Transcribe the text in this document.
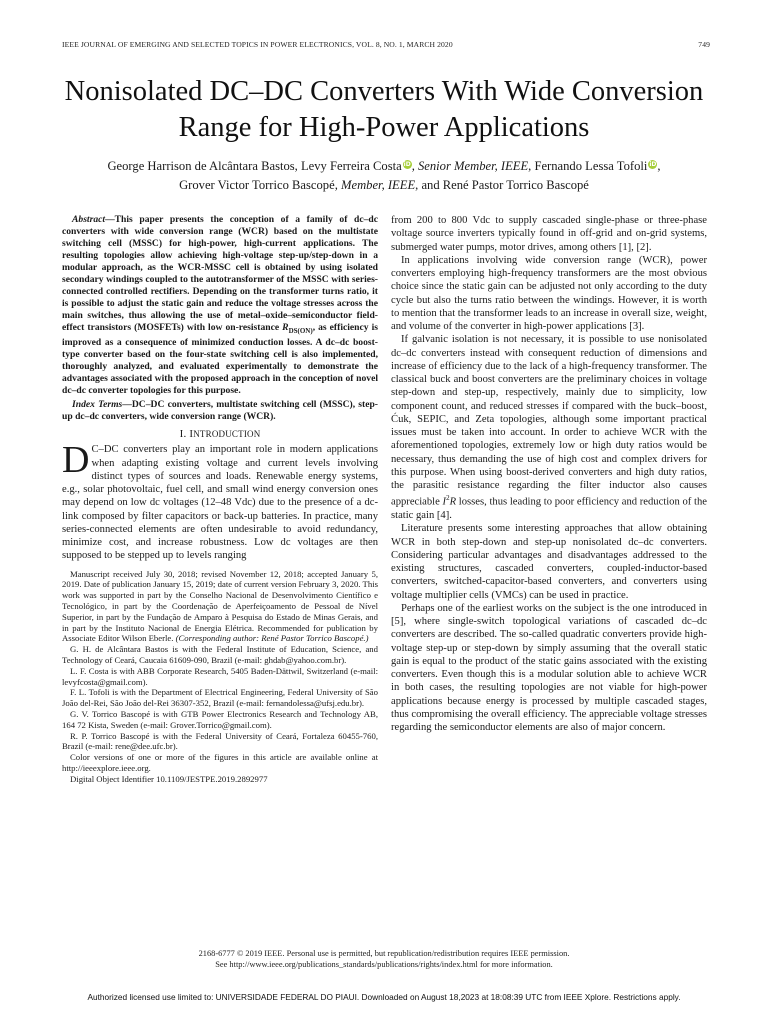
IEEE JOURNAL OF EMERGING AND SELECTED TOPICS IN POWER ELECTRONICS, VOL. 8, NO. 1, MARCH 2020	749
Nonisolated DC–DC Converters With Wide Conversion Range for High-Power Applications
George Harrison de Alcântara Bastos, Levy Ferreira Costa iD, Senior Member, IEEE, Fernando Lessa Tofoli iD,
Grover Victor Torrico Bascopé, Member, IEEE, and René Pastor Torrico Bascopé

Abstract—This paper presents the conception of a family of dc–dc converters with wide conversion range (WCR) based on the multistate switching cell (MSSC) for high-power, high-current applications. The resulting topologies allow achieving high-voltage step-up/step-down in a modular approach, as the WCR-MSSC cell is obtained by using isolated secondary windings coupled to the autotransformer of the MSSC with series-connected controlled rectifiers. Depending on the transformer turns ratio, it is possible to adjust the static gain and reduce the voltage stresses across the main switches, thus allowing the use of metal–oxide–semiconductor field-effect transistors (MOSFETs) with low on-resistance $R_{DS(ON)}$, as efficiency is improved as a consequence of minimized conduction losses. A dc–dc boost-type converter based on the four-state switching cell is also implemented, thoroughly analyzed, and evaluated experimentally to demonstrate the advantages associated with the proposed approach in the conception of novel dc–dc converter topologies for this purpose.

Index Terms—DC–DC converters, multistate switching cell (MSSC), step-up dc–dc converters, wide conversion range (WCR).

I. INTRODUCTION

D C–DC converters play an important role in modern applications when adapting existing voltage and current levels involving distinct types of sources and loads. Renewable energy systems, e.g., solar photovoltaic, fuel cell, and small wind energy conversion ones may depend on low dc voltages (12–48 Vdc) due to the presence of a dc-link composed by filter capacitors or back-up batteries. In practice, many series-connected elements are often undesirable to avoid redundancy, minimize cost, and increase robustness. Low dc voltages are then supposed to be stepped up to levels ranging

Manuscript received July 30, 2018; revised November 12, 2018; accepted January 5, 2019. Date of publication January 15, 2019; date of current version February 3, 2020. This work was supported in part by the Conselho Nacional de Desenvolvimento Científico e Tecnológico, in part by the Coordenação de Aperfeiçoamento de Pessoal de Nível Superior, in part by the Fundação de Amparo à Pesquisa do Estado de Minas Gerais, and in part by the Instituto Nacional de Energia Elétrica. Recommended for publication by Associate Editor Wilson Eberle. (Corresponding author: René Pastor Torrico Bascopé.)

G. H. de Alcântara Bastos is with the Federal Institute of Education, Science, and Technology of Ceará, Caucaia 61609-090, Brazil (e-mail: ghdab@yahoo.com.br).

L. F. Costa is with ABB Corporate Research, 5405 Baden-Dättwil, Switzerland (e-mail: levyfcosta@gmail.com).

F. L. Tofoli is with the Department of Electrical Engineering, Federal University of São João del-Rei, São João del-Rei 36307-352, Brazil (e-mail: fernandolessa@ufsj.edu.br).

G. V. Torrico Bascopé is with GTB Power Electronics Research and Technology AB, 164 72 Kista, Sweden (e-mail: Grover.Torrico@gmail.com).

R. P. Torrico Bascopé is with the Federal University of Ceará, Fortaleza 60455-760, Brazil (e-mail: rene@dee.ufc.br).

Color versions of one or more of the figures in this article are available online at http://ieeexplore.ieee.org.

Digital Object Identifier 10.1109/JESTPE.2019.2892977

from 200 to 800 Vdc to supply cascaded single-phase or three-phase voltage source inverters typically found in off-grid and on-grid systems, submerged water pumps, motor drives, among others [1], [2].

In applications involving wide conversion range (WCR), power converters employing high-frequency transformers are the most obvious choice since the static gain can be adjusted not only according to the duty cycle but also the turns ratio between the windings. However, it is worth to mention that the transformer leads to an increase in overall size, weight, and volume of the converter in high-power applications [3].

If galvanic isolation is not necessary, it is possible to use nonisolated dc–dc converters instead with consequent reduction of dimensions and increase of efficiency due to the lack of a high-frequency transformer. The classical buck and boost converters are the preliminary choices in voltage step-down and step-up, respectively, mainly due to simplicity, low component count, and reduced stresses if compared with the buck–boost, Ćuk, SEPIC, and Zeta topologies, although some important practical issues must be taken into account. In order to achieve WCR with the aforementioned topologies, extremely low or high duty ratios would be necessary, thus demanding the use of high cost and complex drivers for this purpose. When using boost-derived converters and high duty ratios, the parasitic resistance regarding the filter inductor also causes appreciable $I^2R$ losses, thus leading to poor efficiency and reduction of the static gain [4].

Literature presents some interesting approaches that allow obtaining WCR in both step-down and step-up nonisolated dc–dc converters. Considering particular advantages and disadvantages addressed to the existing structures, cascaded converters, coupled-inductor-based converters, switched-capacitor-based converters, and converters using voltage multiplier cells (VMCs) can be used in practice.

Perhaps one of the earliest works on the subject is the one introduced in [5], where single-switch topological variations of cascaded dc–dc converters are described. The so-called quadratic converters provide high-voltage step-up or step-down by simply assuming that the overall static gain is equal to the product of the static gains associated with the existing converters. Even though this is a modular solution able to achieve WCR in both cases, the resulting topologies are not viable for high-power applications because energy is processed by multiple cascaded stages, thus compromising the overall efficiency. The appreciable voltage stresses regarding the semiconductor elements are also of major concern.

2168-6777 © 2019 IEEE. Personal use is permitted, but republication/redistribution requires IEEE permission.
See http://www.ieee.org/publications_standards/publications/rights/index.html for more information.
Authorized licensed use limited to: UNIVERSIDADE FEDERAL DO PIAUI. Downloaded on August 18,2023 at 18:08:39 UTC from IEEE Xplore. Restrictions apply.
